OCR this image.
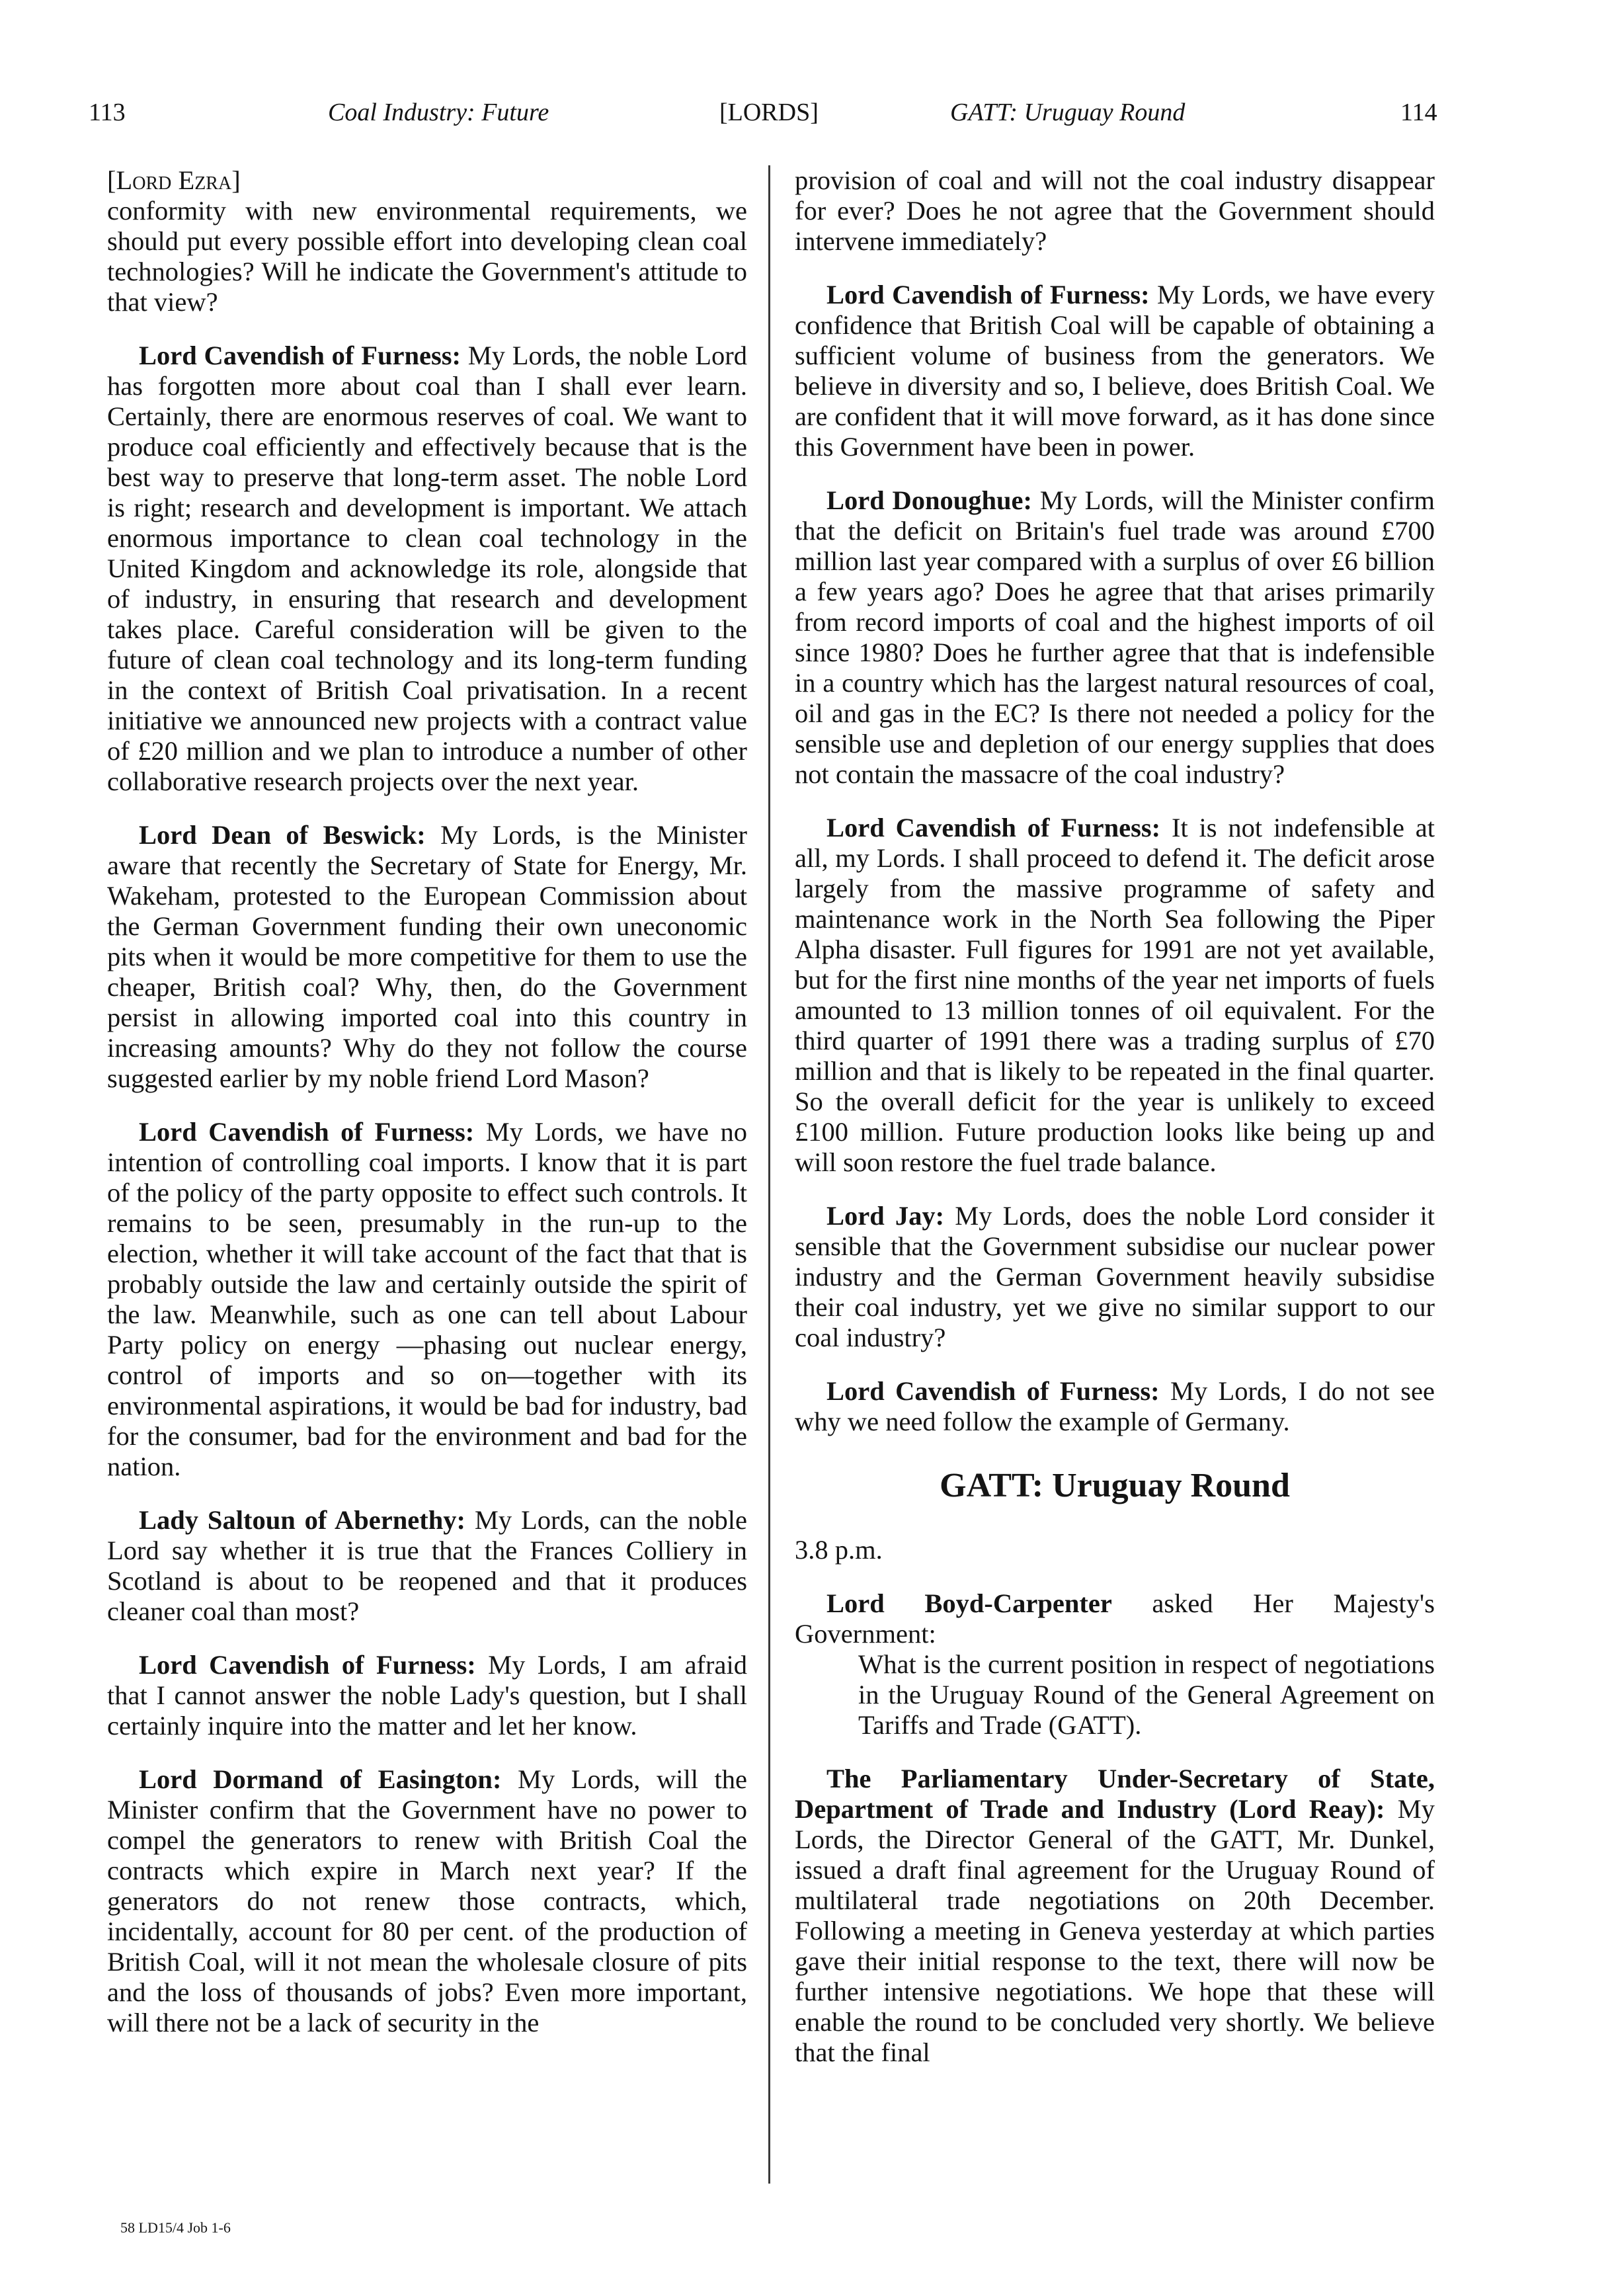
113	Coal Industry: Future	[LORDS]	GATT: Uruguay Round	114

[Lord Ezra]

conformity with new environmental requirements, we should put every possible effort into developing clean coal technologies? Will he indicate the Government's attitude to that view?

Lord Cavendish of Furness: My Lords, the noble Lord has forgotten more about coal than I shall ever learn. Certainly, there are enormous reserves of coal. We want to produce coal efficiently and effectively because that is the best way to preserve that long-term asset. The noble Lord is right; research and development is important. We attach enormous importance to clean coal technology in the United Kingdom and acknowledge its role, alongside that of industry, in ensuring that research and development takes place. Careful consideration will be given to the future of clean coal technology and its long-term funding in the context of British Coal privatisation. In a recent initiative we announced new projects with a contract value of £20 million and we plan to introduce a number of other collaborative research projects over the next year.

Lord Dean of Beswick: My Lords, is the Minister aware that recently the Secretary of State for Energy, Mr. Wakeham, protested to the European Commission about the German Government funding their own uneconomic pits when it would be more competitive for them to use the cheaper, British coal? Why, then, do the Government persist in allowing imported coal into this country in increasing amounts? Why do they not follow the course suggested earlier by my noble friend Lord Mason?

Lord Cavendish of Furness: My Lords, we have no intention of controlling coal imports. I know that it is part of the policy of the party opposite to effect such controls. It remains to be seen, presumably in the run-up to the election, whether it will take account of the fact that that is probably outside the law and certainly outside the spirit of the law. Meanwhile, such as one can tell about Labour Party policy on energy —phasing out nuclear energy, control of imports and so on—together with its environmental aspirations, it would be bad for industry, bad for the consumer, bad for the environment and bad for the nation.

Lady Saltoun of Abernethy: My Lords, can the noble Lord say whether it is true that the Frances Colliery in Scotland is about to be reopened and that it produces cleaner coal than most?

Lord Cavendish of Furness: My Lords, I am afraid that I cannot answer the noble Lady's question, but I shall certainly inquire into the matter and let her know.

Lord Dormand of Easington: My Lords, will the Minister confirm that the Government have no power to compel the generators to renew with British Coal the contracts which expire in March next year? If the generators do not renew those contracts, which, incidentally, account for 80 per cent. of the production of British Coal, will it not mean the wholesale closure of pits and the loss of thousands of jobs? Even more important, will there not be a lack of security in the

provision of coal and will not the coal industry disappear for ever? Does he not agree that the Government should intervene immediately?

Lord Cavendish of Furness: My Lords, we have every confidence that British Coal will be capable of obtaining a sufficient volume of business from the generators. We believe in diversity and so, I believe, does British Coal. We are confident that it will move forward, as it has done since this Government have been in power.

Lord Donoughue: My Lords, will the Minister confirm that the deficit on Britain's fuel trade was around £700 million last year compared with a surplus of over £6 billion a few years ago? Does he agree that that arises primarily from record imports of coal and the highest imports of oil since 1980? Does he further agree that that is indefensible in a country which has the largest natural resources of coal, oil and gas in the EC? Is there not needed a policy for the sensible use and depletion of our energy supplies that does not contain the massacre of the coal industry?

Lord Cavendish of Furness: It is not indefensible at all, my Lords. I shall proceed to defend it. The deficit arose largely from the massive programme of safety and maintenance work in the North Sea following the Piper Alpha disaster. Full figures for 1991 are not yet available, but for the first nine months of the year net imports of fuels amounted to 13 million tonnes of oil equivalent. For the third quarter of 1991 there was a trading surplus of £70 million and that is likely to be repeated in the final quarter. So the overall deficit for the year is unlikely to exceed £100 million. Future production looks like being up and will soon restore the fuel trade balance.

Lord Jay: My Lords, does the noble Lord consider it sensible that the Government subsidise our nuclear power industry and the German Government heavily subsidise their coal industry, yet we give no similar support to our coal industry?

Lord Cavendish of Furness: My Lords, I do not see why we need follow the example of Germany.

GATT: Uruguay Round

3.8 p.m.

Lord Boyd-Carpenter asked Her Majesty's Government:

What is the current position in respect of negotiations in the Uruguay Round of the General Agreement on Tariffs and Trade (GATT).

The Parliamentary Under-Secretary of State, Department of Trade and Industry (Lord Reay): My Lords, the Director General of the GATT, Mr. Dunkel, issued a draft final agreement for the Uruguay Round of multilateral trade negotiations on 20th December. Following a meeting in Geneva yesterday at which parties gave their initial response to the text, there will now be further intensive negotiations. We hope that these will enable the round to be concluded very shortly. We believe that the final

58 LD15/4 Job 1-6
